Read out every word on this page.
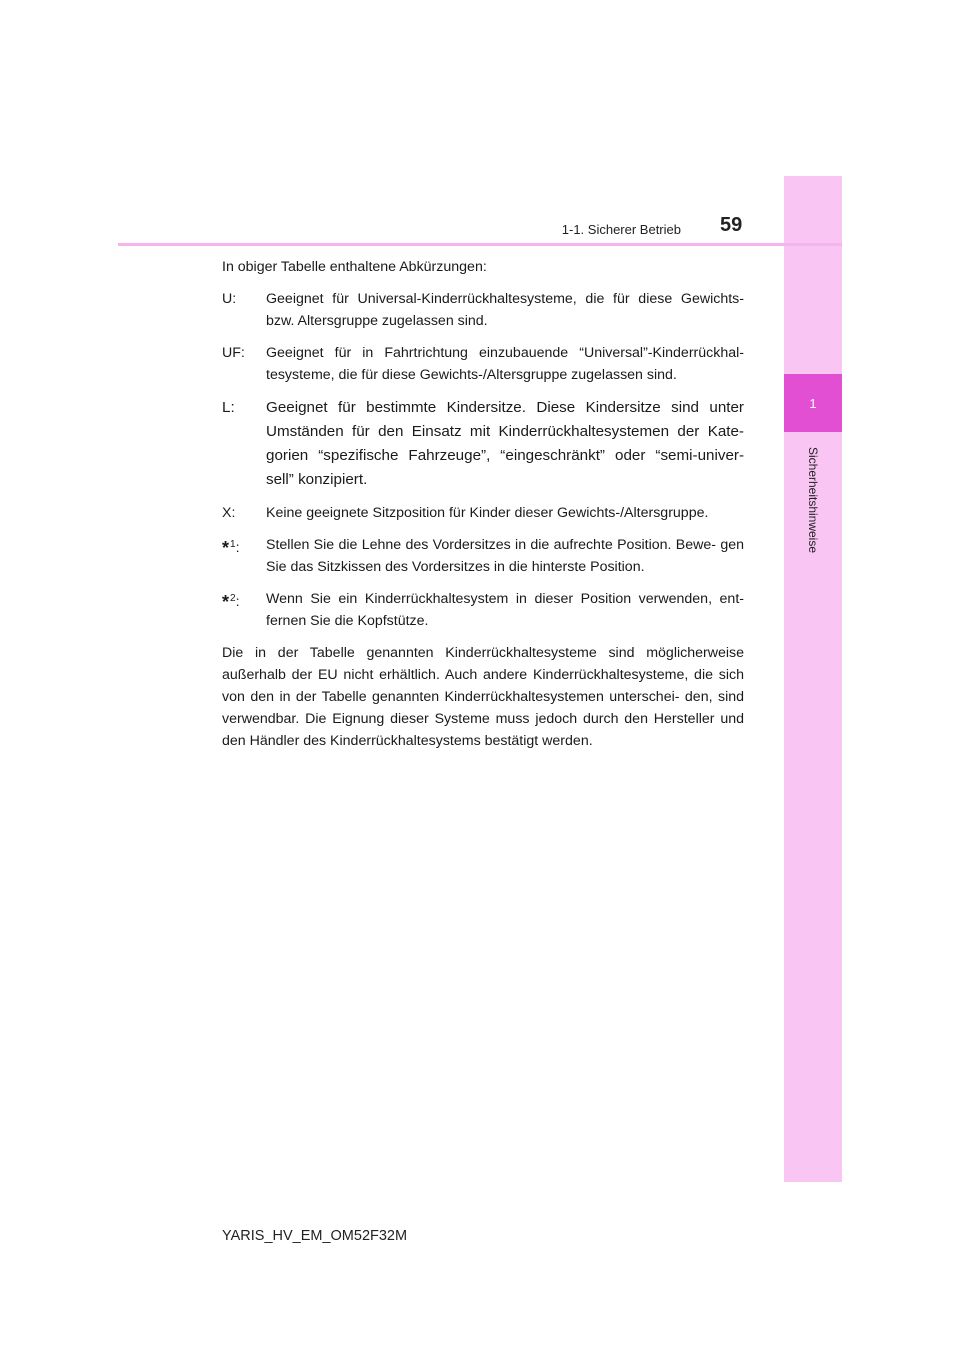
1
Sicherheitshinweise
1-1. Sicherer Betrieb 59

In obiger Tabelle enthaltene Abkürzungen:

U:	Geeignet für Universal-Kinderrückhaltesysteme, die für diese Gewichts- bzw. Altersgruppe zugelassen sind.
UF:	Geeignet für in Fahrtrichtung einzubauende “Universal”-Kinderrückhal- tesysteme, die für diese Gewichts-/Altersgruppe zugelassen sind.
L:	Geeignet für bestimmte Kindersitze. Diese Kindersitze sind unter Umständen für den Einsatz mit Kinderrückhaltesystemen der Kate- gorien “spezifische Fahrzeuge”, “eingeschränkt” oder “semi-univer- sell” konzipiert.
X:	Keine geeignete Sitzposition für Kinder dieser Gewichts-/Altersgruppe.
*$^1$:	Stellen Sie die Lehne des Vordersitzes in die aufrechte Position. Bewe- gen Sie das Sitzkissen des Vordersitzes in die hinterste Position.
*$^2$:	Wenn Sie ein Kinderrückhaltesystem in dieser Position verwenden, ent- fernen Sie die Kopfstütze.

Die in der Tabelle genannten Kinderrückhaltesysteme sind möglicherweise außerhalb der EU nicht erhältlich. Auch andere Kinderrückhaltesysteme, die sich von den in der Tabelle genannten Kinderrückhaltesystemen unterschei- den, sind verwendbar. Die Eignung dieser Systeme muss jedoch durch den Hersteller und den Händler des Kinderrückhaltesystems bestätigt werden.

YARIS_HV_EM_OM52F32M
